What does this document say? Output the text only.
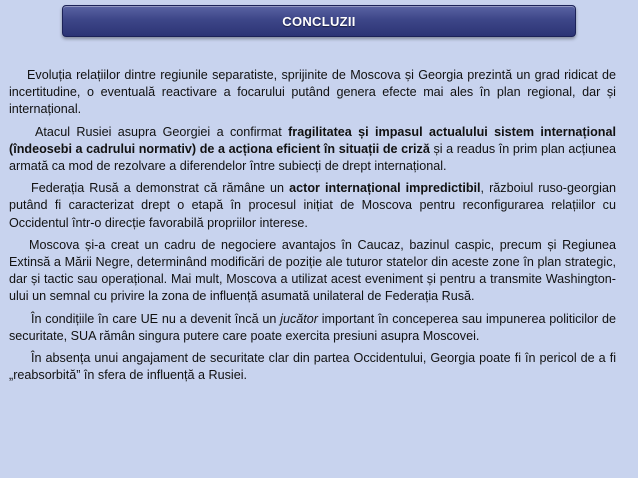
CONCLUZII

Evoluția relațiilor dintre regiunile separatiste, sprijinite de Moscova și Georgia prezintă un grad ridicat de incertitudine, o eventuală reactivare a focarului putând genera efecte mai ales în plan regional, dar și internațional.

Atacul Rusiei asupra Georgiei a confirmat fragilitatea și impasul actualului sistem internațional (îndeosebi a cadrului normativ) de a acționa eficient în situații de criză și a readus în prim plan acțiunea armată ca mod de rezolvare a diferendelor între subiecți de drept internațional.

Federația Rusă a demonstrat că rămâne un actor internațional impredictibil, războiul ruso-georgian putând fi caracterizat drept o etapă în procesul inițiat de Moscova pentru reconfigurarea relațiilor cu Occidentul într-o direcție favorabilă propriilor interese.

Moscova și-a creat un cadru de negociere avantajos în Caucaz, bazinul caspic, precum și Regiunea Extinsă a Mării Negre, determinând modificări de poziție ale tuturor statelor din aceste zone în plan strategic, dar și tactic sau operațional. Mai mult, Moscova a utilizat acest eveniment și pentru a transmite Washington-ului un semnal cu privire la zona de influență asumată unilateral de Federația Rusă.

În condițiile în care UE nu a devenit încă un jucător important în conceperea sau impunerea politicilor de securitate, SUA rămân singura putere care poate exercita presiuni asupra Moscovei.

În absența unui angajament de securitate clar din partea Occidentului, Georgia poate fi în pericol de a fi „reabsorbită” în sfera de influență a Rusiei.
